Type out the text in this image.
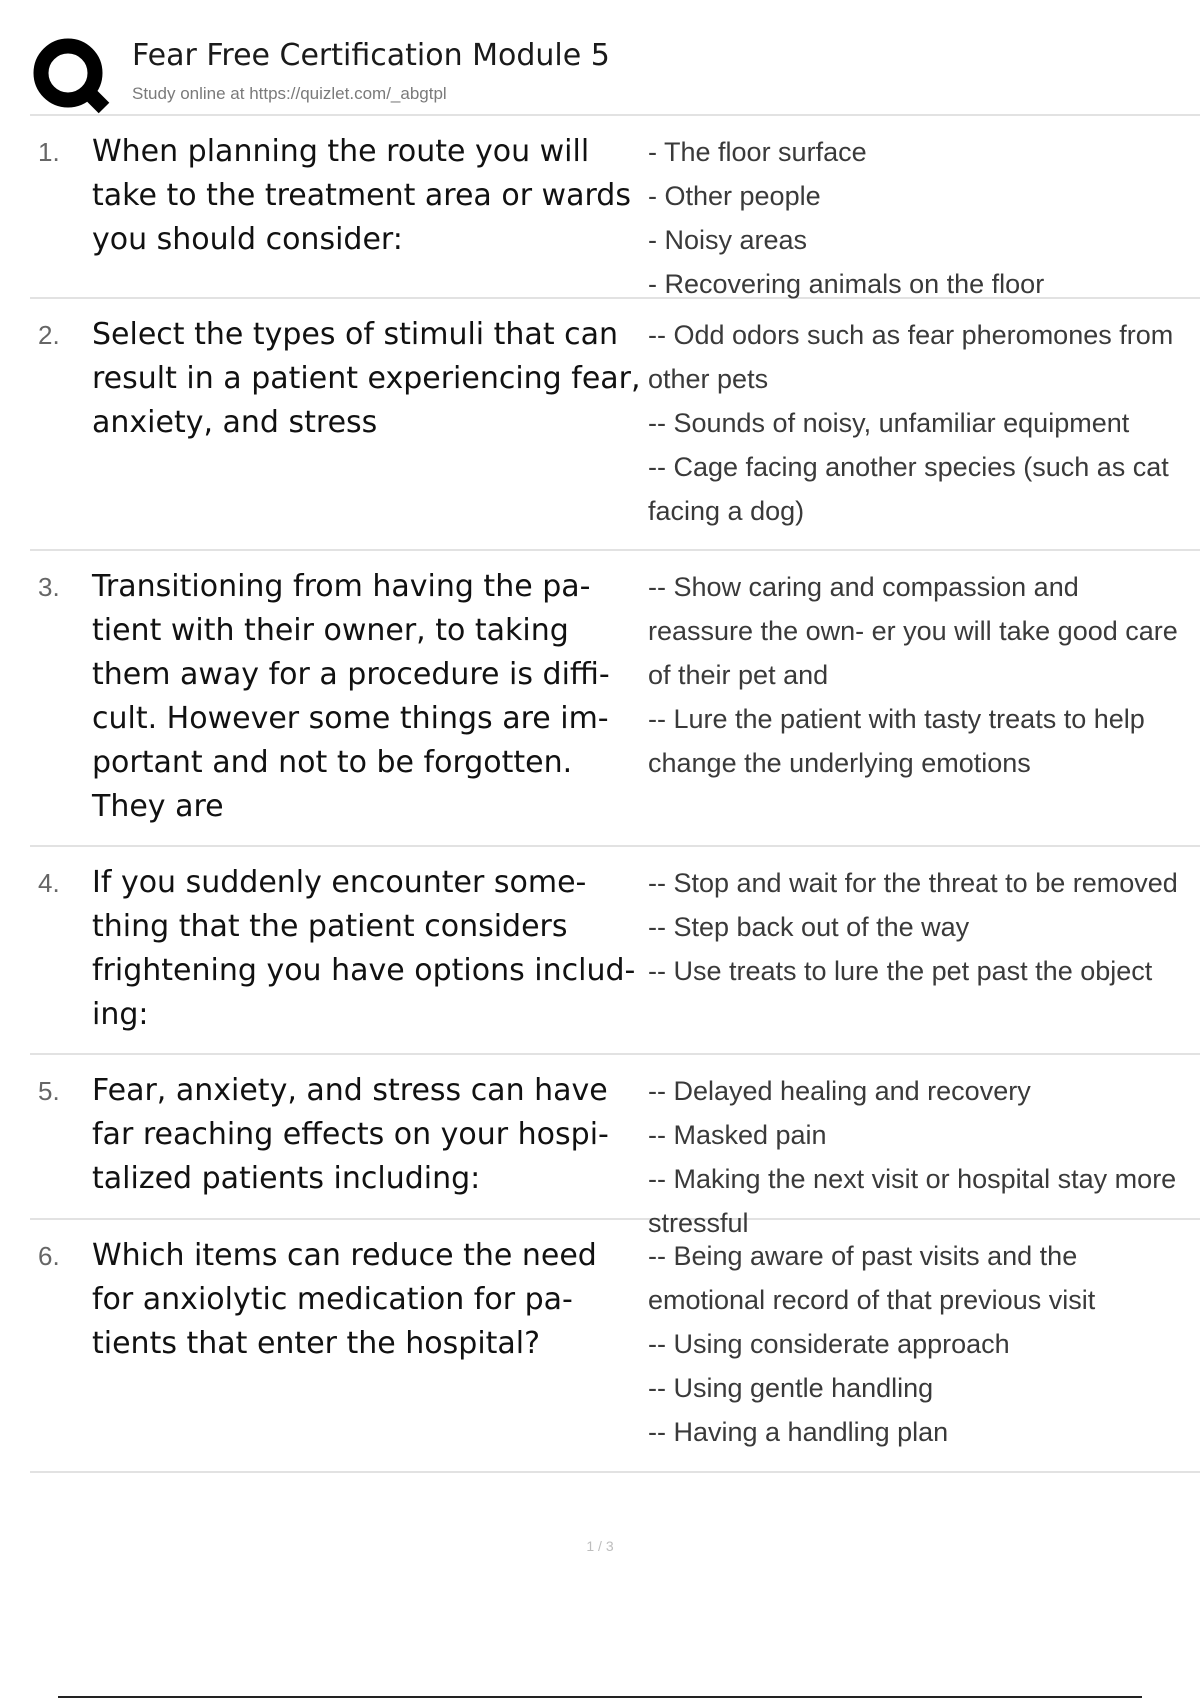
Fear Free Certification Module 5
Study online at https://quizlet.com/_abgtpl
1.	When planning the route you will take to the treatment area or wards you should consider:
- The floor surface
- Other people
- Noisy areas
- Recovering animals on the floor
2.	Select the types of stimuli that can result in a patient experiencing fear, anxiety, and stress
-- Odd odors such as fear pheromones from other pets
-- Sounds of noisy, unfamiliar equipment
-- Cage facing another species (such as cat facing a dog)
3.	Transitioning from having the pa- tient with their owner, to taking them away for a procedure is diffi- cult. However some things are im- portant and not to be forgotten. They are
-- Show caring and compassion and reassure the own- er you will take good care of their pet and
-- Lure the patient with tasty treats to help change the underlying emotions
4.	If you suddenly encounter some- thing that the patient considers frightening you have options includ- ing:
-- Stop and wait for the threat to be removed
-- Step back out of the way
-- Use treats to lure the pet past the object
5.	Fear, anxiety, and stress can have far reaching effects on your hospi- talized patients including:
-- Delayed healing and recovery
-- Masked pain
-- Making the next visit or hospital stay more stressful
6.	Which items can reduce the need for anxiolytic medication for pa- tients that enter the hospital?
-- Being aware of past visits and the emotional record of that previous visit
-- Using considerate approach
-- Using gentle handling
-- Having a handling plan
1 / 3
